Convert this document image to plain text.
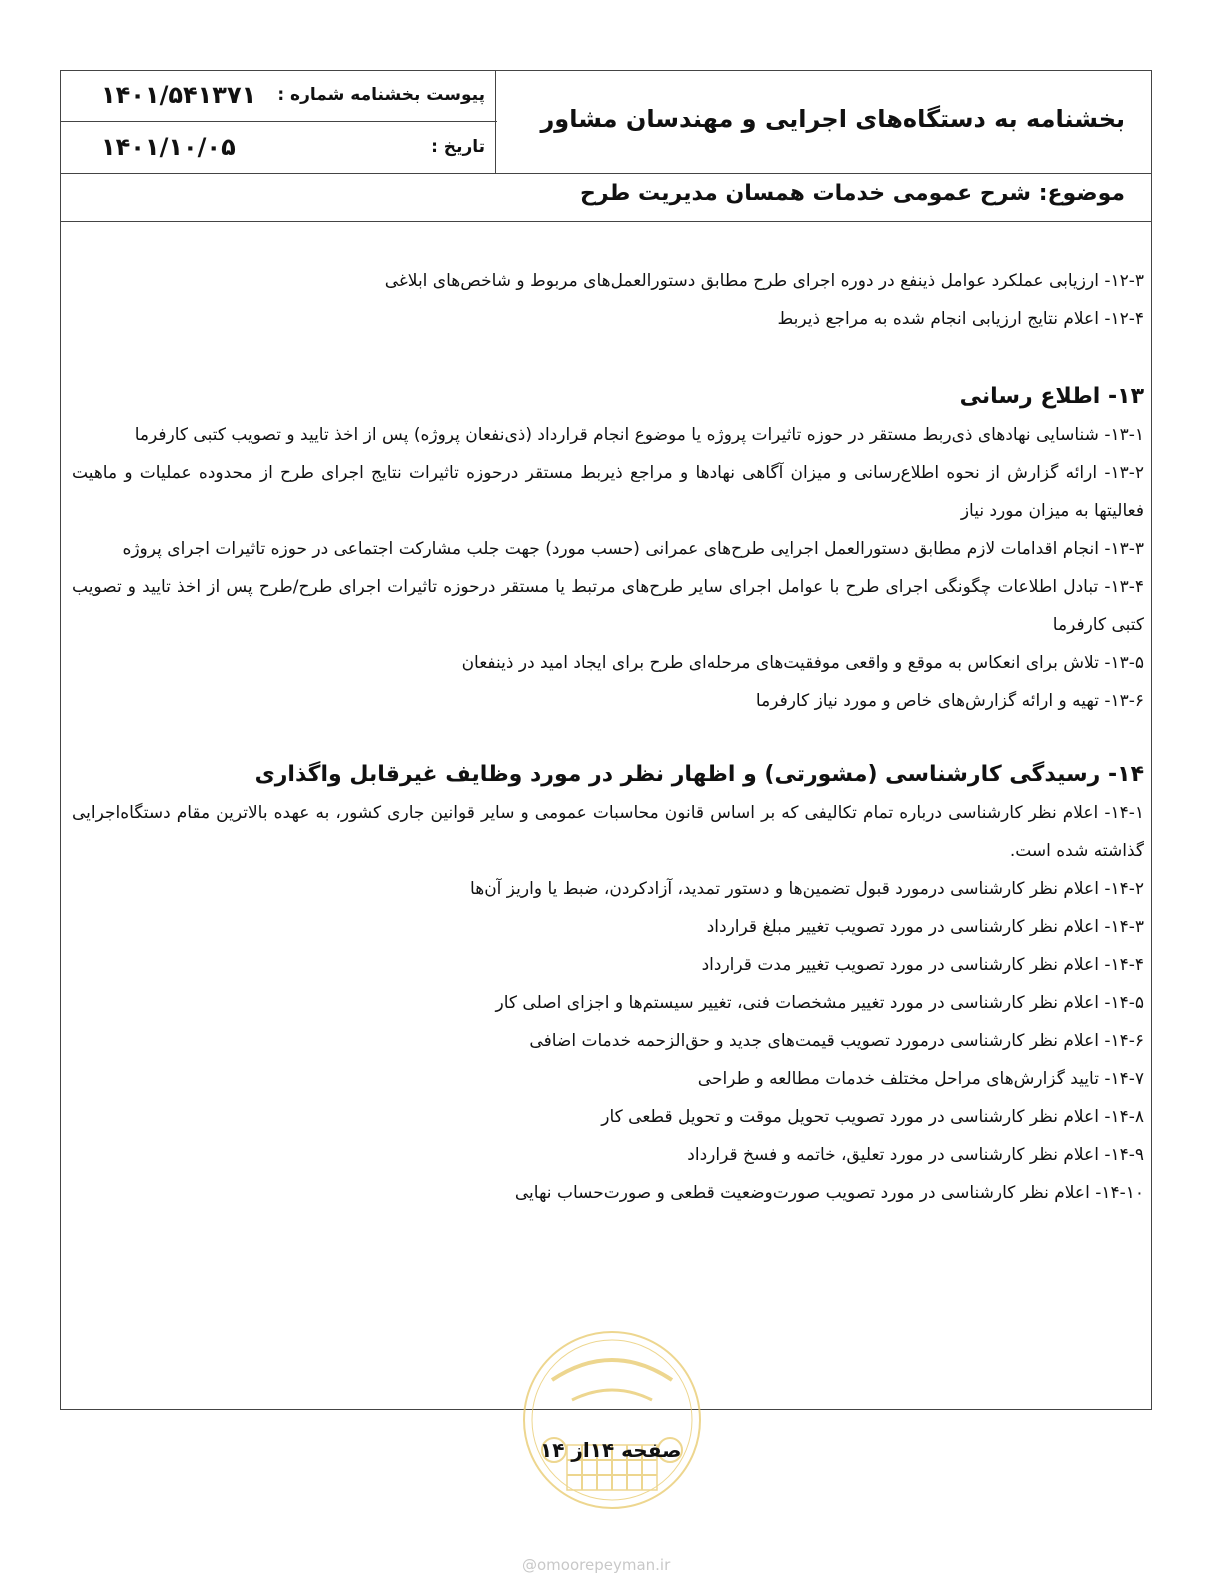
بخشنامه به دستگاه‌های اجرایی و مهندسان مشاور
پیوست بخشنامه شماره :
۱۴۰۱/۵۴۱۳۷۱
تاریخ :
۱۴۰۱/۱۰/۰۵
موضوع: شرح عمومی خدمات همسان مدیریت طرح
۱۲-۳- ارزیابی عملکرد عوامل ذینفع در دوره اجرای طرح مطابق دستورالعمل‌های مربوط و شاخص‌های ابلاغی
۱۲-۴- اعلام نتایج ارزیابی انجام شده به مراجع ذیربط
۱۳- اطلاع رسانی
۱۳-۱- شناسایی نهادهای ذی‌ربط مستقر در حوزه تاثیرات پروژه یا موضوع انجام قرارداد (ذی‌نفعان پروژه) پس از اخذ تایید و تصویب کتبی کارفرما
۱۳-۲- ارائه گزارش از نحوه اطلاع‌رسانی و میزان آگاهی نهادها و مراجع ذیربط مستقر درحوزه تاثیرات نتایج اجرای طرح از محدوده عملیات و ماهیت فعالیتها به میزان مورد نیاز
۱۳-۳- انجام اقدامات لازم مطابق دستورالعمل اجرایی طرح‌های عمرانی (حسب مورد) جهت جلب مشارکت اجتماعی در حوزه تاثیرات اجرای پروژه
۱۳-۴- تبادل اطلاعات چگونگی اجرای طرح با عوامل اجرای سایر طرح‌های مرتبط یا مستقر درحوزه تاثیرات اجرای طرح/طرح پس از اخذ تایید و تصویب کتبی کارفرما
۱۳-۵- تلاش برای انعکاس به موقع و واقعی موفقیت‌های مرحله‌ای طرح برای ایجاد امید در ذینفعان
۱۳-۶- تهیه و ارائه گزارش‌های خاص و مورد نیاز کارفرما
۱۴- رسیدگی کارشناسی (مشورتی) و اظهار نظر در مورد وظایف غیرقابل واگذاری
۱۴-۱- اعلام نظر کارشناسی درباره تمام تکالیفی که بر اساس قانون محاسبات عمومی و سایر قوانین جاری کشور، به عهده بالاترین مقام دستگاه‌اجرایی گذاشته شده است.
۱۴-۲- اعلام نظر کارشناسی درمورد قبول تضمین‌ها و دستور تمدید، آزادکردن، ضبط یا واریز آن‌ها
۱۴-۳- اعلام نظر کارشناسی در مورد تصویب تغییر مبلغ قرارداد
۱۴-۴- اعلام نظر کارشناسی در مورد تصویب تغییر مدت قرارداد
۱۴-۵- اعلام نظر کارشناسی در مورد تغییر مشخصات فنی، تغییر سیستم‌ها و اجزای اصلی کار
۱۴-۶- اعلام نظر کارشناسی درمورد تصویب قیمت‌های جدید و حق‌الزحمه خدمات اضافی
۱۴-۷- تایید گزارش‌های مراحل مختلف خدمات مطالعه و طراحی
۱۴-۸- اعلام نظر کارشناسی در مورد تصویب تحویل موقت و تحویل قطعی کار
۱۴-۹- اعلام نظر کارشناسی در مورد تعلیق، خاتمه و فسخ قرارداد
۱۴-۱۰- اعلام نظر کارشناسی در مورد تصویب صورت‌وضعیت قطعی و صورت‌حساب نهایی
صفحه ۱۴از ۱۴
@omoorepeyman.ir
